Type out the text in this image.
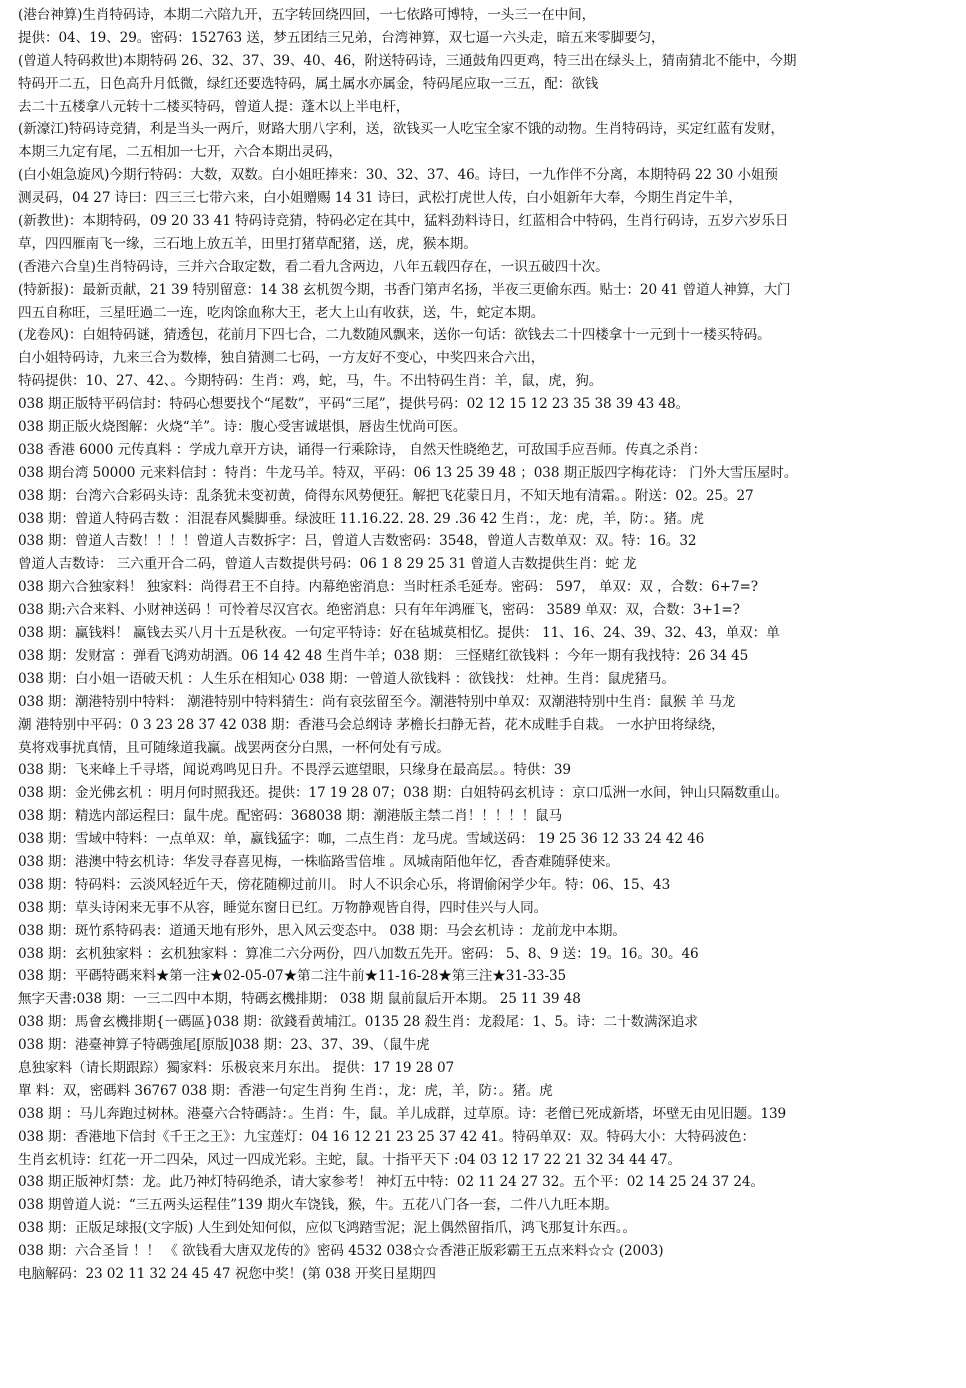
(港台神算)生肖特码诗，本期二六陪九开，五字转回绕四回，一七依路可博特，一头三一在中间，
提供：04、19、29。密码：152763 送，梦五团结三兄弟，台湾神算，双七逼一六头走，暗五来零脚要匀，
(曾道人特码救世)本期特码 26、32、37、39、40、46，附送特码诗，三通鼓角四更鸡，特三出在绿头上，猜南猜北不能中，今期
特码开二五，日色高升月低微，绿红还要选特码，属土属水亦属金，特码尾应取一三五，配：欲钱
去二十五楼拿八元转十二楼买特码，曾道人提：蓬木以上半电杆，
(新濠江)特码诗竞猜，利是当头一两斤，财路大朋八字利，送，欲钱买一人吃宝全家不饿的动物。生肖特码诗，买定红蓝有发财，
本期三九定有尾，二五相加一七开，六合本期出灵码，
(白小姐急旋风)今期行特码：大数，双数。白小姐旺捧来：30、32、37、46。诗曰，一九作伴不分离，本期特码 22 30 小姐预
测灵码，04 27 诗曰：四三三七带六来，白小姐赠赐 14 31 诗曰，武松打虎世人传，白小姐新年大奉，今期生肖定牛羊，
(新教世)：本期特码，09 20 33 41 特码诗竞猜，特码必定在其中，猛料劲料诗日，红蓝相合中特码，生肖行码诗，五岁六岁乐日
草，四四雁南飞一缘，三石地上放五羊，田里打猪草配猪，送，虎，猴本期。
(香港六合皇)生肖特码诗，三并六合取定数，看二看九含两边，八年五载四存在，一识五破四十次。
(特新报)：最新贡献，21 39 特别留意：14 38 玄机贺今期，书香门第声名扬，半夜三更偷东西。贴士：20 41 曾道人神算，大门
四五自称旺，三星旺過二一连，吃肉馀血称大王，老大上山有收获，送，牛，蛇定本期。
(龙卷风)：白姐特码谜，猜透包，花前月下四七合，二九数随风飘来，送你一句话：欲钱去二十四楼拿十一元到十一楼买特码。
白小姐特码诗，九来三合为数棒，独自猜测二七码，一方友好不变心，中奖四来合六出，
特码提供：10、27、42、。今期特码：生肖：鸡，蛇，马，牛。不出特码生肖：羊，鼠，虎，狗。
038 期正版特平码信封：特码心想要找个“尾数”，平码“三尾”，提供号码：02 12 15 12 23 35 38 39 43 48。
038 期正版火烧图解：火烧“羊”。诗：腹心受害诚堪惧，唇齿生忧尚可医。
038 香港 6000 元传真料 ：学成九章开方诀，诵得一行乘除诗， 自然天性晓绝艺，可敌国手应吾师。传真之杀肖：
038 期台湾 50000 元来料信封 ：特肖：牛龙马羊。特双，平码：06 13 25 39 48 ；038 期正版四字梅花诗： 门外大雪压屋时。
038 期：台湾六合彩码头诗：乱条犹未变初黄，倚得东风势便狂。解把飞花蒙日月，不知天地有清霜。。附送：02。25。27
038 期：曾道人特码吉数 ：泪混春风鬓脚垂。绿波旺 11.16.22. 28. 29 .36 42 生肖：，龙：虎，羊，防：。猪。虎
038 期：曾道人吉数！！！！曾道人吉数拆字：吕，曾道人吉数密码：3548，曾道人吉数单双：双。特：16。32
曾道人吉数诗： 三六重开合二码，曾道人吉数提供号码：06 1 8 29 25 31 曾道人吉数提供生肖：蛇 龙
038 期六合独家料！ 独家料：尚得君王不自持。内幕绝密消息：当时枉杀毛延寿。密码： 597， 单双：双 ，合数：6+7=?
038 期:六合来料、小财神送码 ！可怜着尽汉宫衣。绝密消息：只有年年鸿雁飞，密码： 3589 单双：双，合数：3+1=?
038 期：赢钱料！ 赢钱去买八月十五是秋夜。一句定平特诗：好在毡城莫相忆。提供： 11、16、24、39、32、43，单双：单
038 期：发财富 ：弹看飞鸿劝胡酒。06 14 42 48 生肖牛羊；038 期： 三怪赌红欲钱料 ：今年一期有我找特：26 34 45
038 期：白小姐一语破天机 ：人生乐在相知心 038 期：一曾道人欲钱料 ：欲钱找： 灶神。生肖：鼠虎猪马。
038 期：潮港特别中特料： 潮港特别中特料猜生：尚有哀弦留至今。潮港特别中单双：双潮港特别中生肖：鼠猴 羊 马龙
潮 港特别中平码：0 3 23 28 37 42 038 期：香港马会总纲诗 茅檐长扫静无苔，花木成畦手自栽。 一水护田将绿绕，
莫将戏事扰真情，且可随缘道我赢。战罢两奁分白黑，一杯何处有亏成。
038 期：飞来峰上千寻塔，闻说鸡鸣见日升。不畏浮云遮望眼，只缘身在最高层。。特供：39
038 期：金光佛玄机 ：明月何时照我还。提供：17 19 28 07；038 期：白姐特码玄机诗 ：京口瓜洲一水间，钟山只隔数重山。
038 期：精选内部运程曰：鼠牛虎。配密码：368038 期：潮港版主禁二肖！！！！！鼠马
038 期：雪域中特料：一点单双：单，赢钱猛字：咖，二点生肖：龙马虎。雪域送码： 19 25 36 12 33 24 42 46
038 期：港澳中特玄机诗：华发寻春喜见梅，一株临路雪倍堆 。凤城南陌他年忆，香杳难随驿使来。
038 期：特码料：云淡风轻近午天，傍花随柳过前川。 时人不识余心乐，将谓偷闲学少年。特：06、15、43
038 期：草头诗闲来无事不从容，睡觉东窗日已红。万物静观皆自得，四时佳兴与人同。
038 期：斑竹系特码表：道通天地有形外，思入风云变态中。 038 期：马会玄机诗 ：龙前龙中本期。
038 期：玄机独家料 ：玄机独家料 ：算准二六分两份，四八加数五先开。密码： 5、8、9 送：19。16。30。46
038 期：平碼特碼来料★第一注★02-05-07★第二注牛前★11-16-28★第三注★31-33-35
無字天書:038 期：一三二四中本期，特碼玄機排期： 038 期 鼠前鼠后开本期。 25 11 39 48
038 期：馬會玄機排期{一碼區}038 期：欲錢看黄埔江。0135 28 殺生肖：龙殺尾：1、5。诗：二十数满深追求
038 期：港臺神算子特碼強尾[原版]038 期：23、37、39、（鼠牛虎
息独家料（请长期跟踪）獨家料：乐极哀来月东出。 提供：17 19 28 07
單 料：双，密碼料 36767 038 期：香港一句定生肖狗 生肖：，龙：虎，羊，防：。猪。虎
038 期 ：马儿奔跑过树林。港臺六合特碼詩：。生肖：牛，鼠。羊儿成群，过草原。诗：老僧已死成新塔，坏壁无由见旧题。139
038 期：香港地下信封《千王之王》：九宝莲灯：04 16 12 21 23 25 37 42 41。特码单双：双。特码大小：大特码波色：
生肖玄机诗：红花一开二四朵，风过一四成光彩。主蛇，鼠。十指平天下 :04 03 12 17 22 21 32 34 44 47。
038 期正版神灯禁：龙。此乃神灯特码绝杀，请大家参考！ 神灯五中特：02 11 24 27 32。五个平：02 14 25 24 37 24。
038 期曾道人说：“三五两头运程佳”139 期火车饶钱，猴，牛。五花八门各一套，二件八九旺本期。
038 期：正版足球报(文字版) 人生到处知何似，应似飞鸿踏雪泥；泥上偶然留指爪，鸿飞那复计东西。。
038 期：六合圣旨 ！！ 《 欲钱看大唐双龙传的》密码 4532 038☆☆香港正版彩霸王五点来料☆☆ (2003)
电脑解码：23 02 11 32 24 45 47 祝您中奖！(第 038 开奖日星期四
